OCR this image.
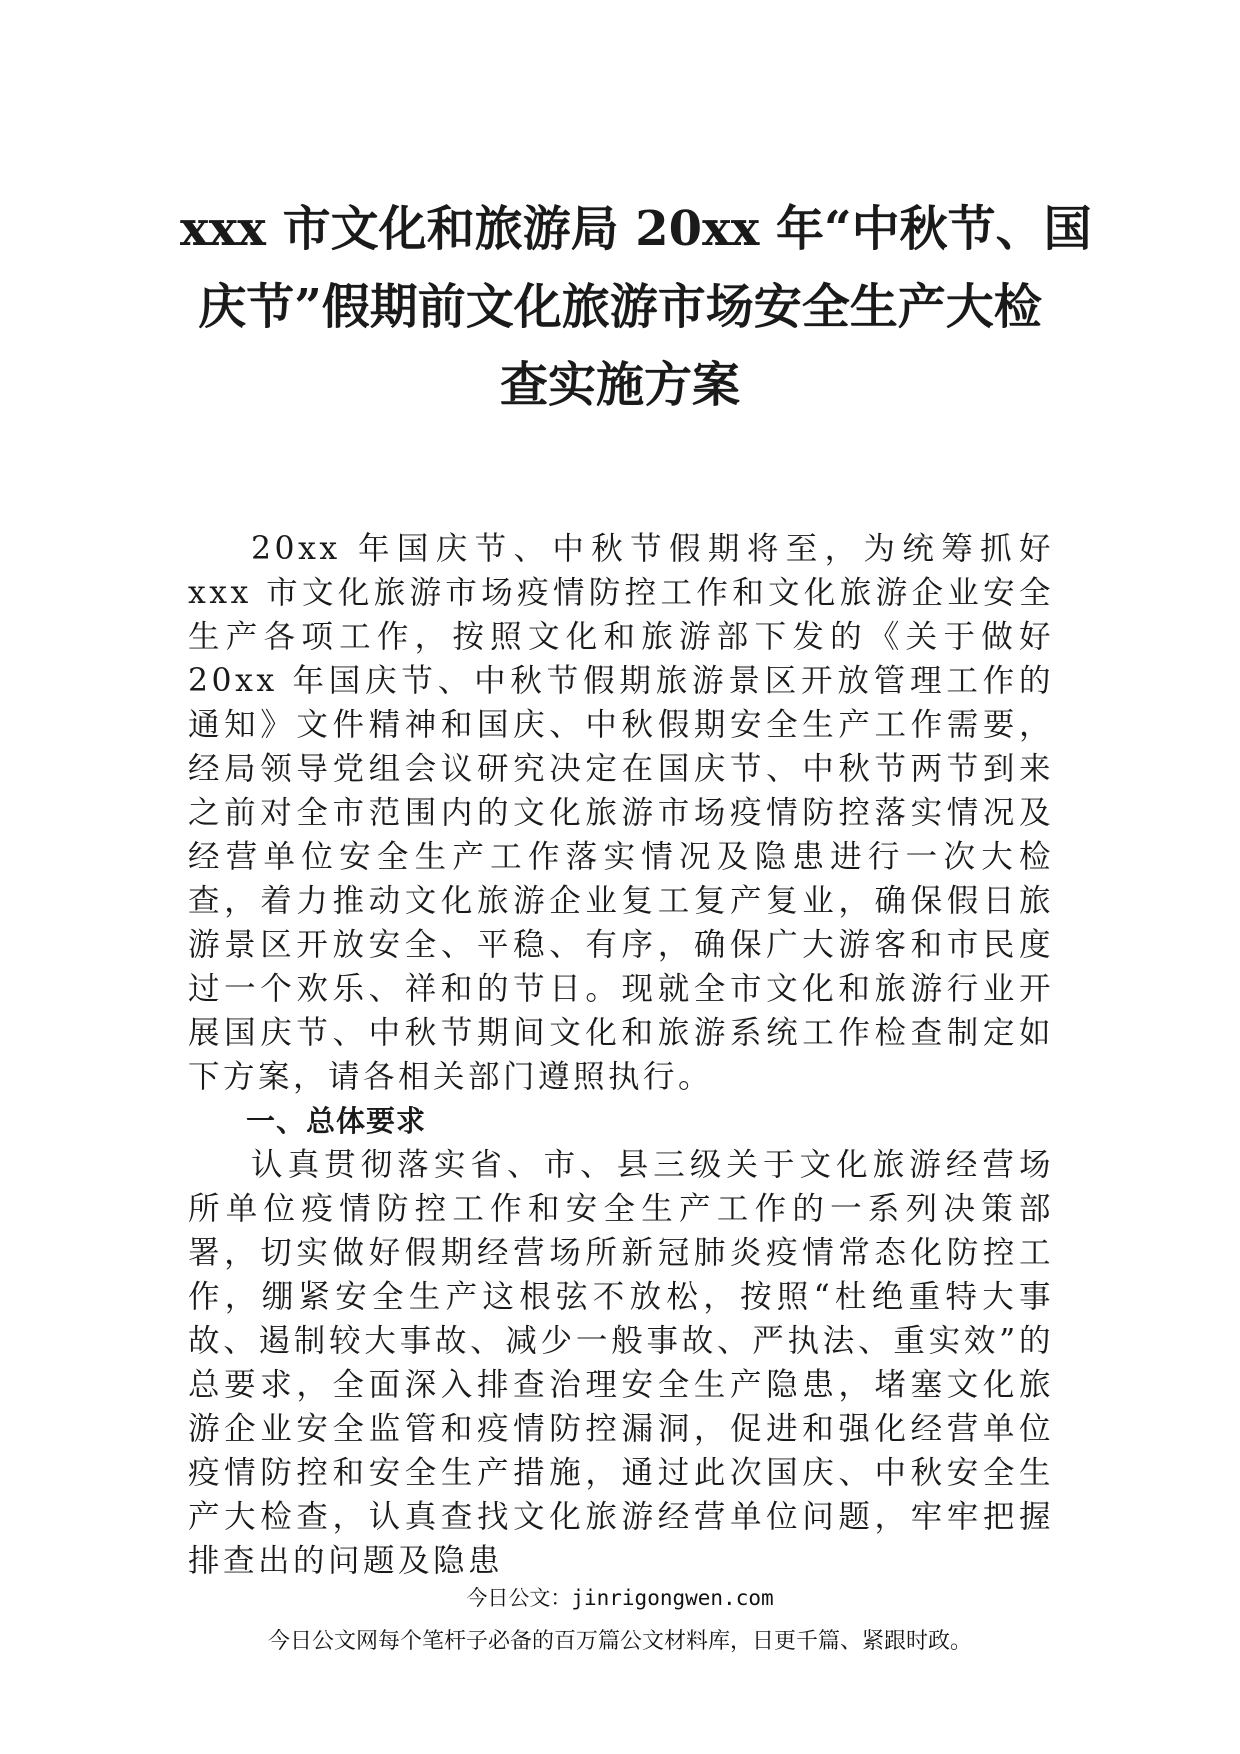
xxx 市文化和旅游局 20xx 年“中秋节、国
庆节”假期前文化旅游市场安全生产大检
查实施方案

20xx 年国庆节、中秋节假期将至，为统筹抓好 xxx 市文化旅游市场疫情防控工作和文化旅游企业安全生产各项工作，按照文化和旅游部下发的《关于做好 20xx 年国庆节、中秋节假期旅游景区开放管理工作的通知》文件精神和国庆、中秋假期安全生产工作需要，经局领导党组会议研究决定在国庆节、中秋节两节到来之前对全市范围内的文化旅游市场疫情防控落实情况及经营单位安全生产工作落实情况及隐患进行一次大检查，着力推动文化旅游企业复工复产复业，确保假日旅游景区开放安全、平稳、有序，确保广大游客和市民度过一个欢乐、祥和的节日。现就全市文化和旅游行业开展国庆节、中秋节期间文化和旅游系统工作检查制定如下方案，请各相关部门遵照执行。

一、总体要求

认真贯彻落实省、市、县三级关于文化旅游经营场所单位疫情防控工作和安全生产工作的一系列决策部署，切实做好假期经营场所新冠肺炎疫情常态化防控工作，绷紧安全生产这根弦不放松，按照“杜绝重特大事故、遏制较大事故、减少一般事故、严执法、重实效”的总要求，全面深入排查治理安全生产隐患，堵塞文化旅游企业安全监管和疫情防控漏洞，促进和强化经营单位疫情防控和安全生产措施，通过此次国庆、中秋安全生产大检查，认真查找文化旅游经营单位问题，牢牢把握排查出的问题及隐患

今日公文：jinrigongwen.com
今日公文网每个笔杆子必备的百万篇公文材料库，日更千篇、紧跟时政。
